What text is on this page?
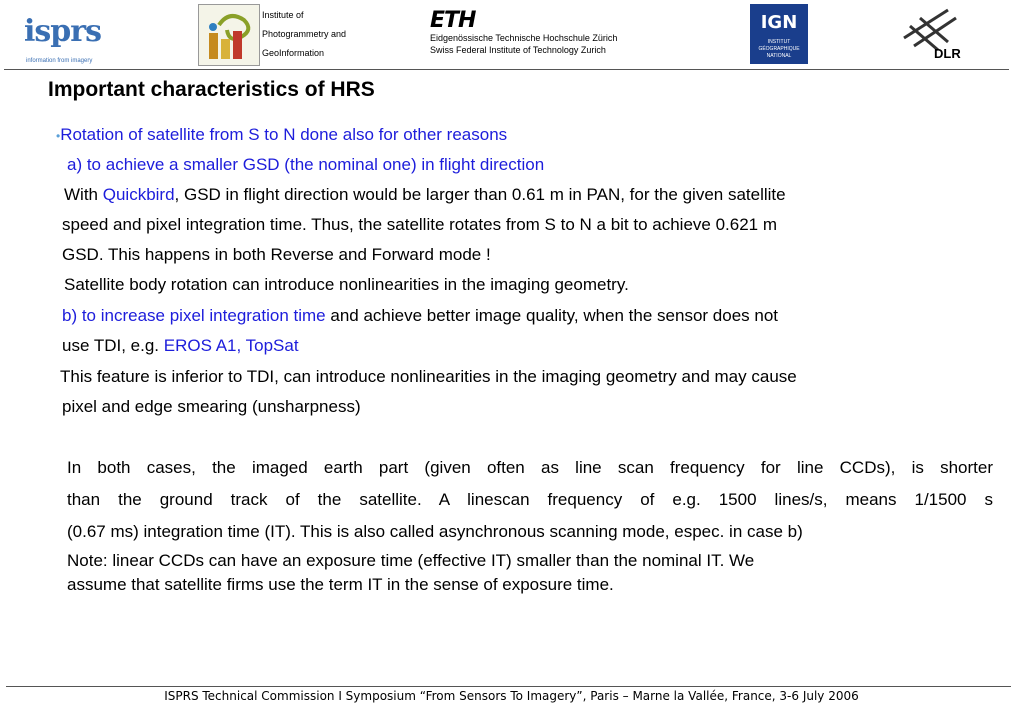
isprs
information from imagery
Institute of
Photogrammetry and
GeoInformation
ETH
Eidgenössische Technische Hochschule Zürich
Swiss Federal Institute of Technology Zurich
IGN
INSTITUT GÉOGRAPHIQUE NATIONAL	DLR
Important characteristics of HRS
•Rotation of satellite from S to N done also for other reasons
a) to achieve a smaller GSD (the nominal one) in flight direction
With Quickbird, GSD in flight direction would be larger than 0.61 m in PAN, for the given satellite
speed and pixel integration time. Thus, the satellite rotates from S to N a bit to achieve 0.621 m
GSD. This happens in both Reverse and Forward mode !
Satellite body rotation can introduce nonlinearities in the imaging geometry.
b) to increase pixel integration time and achieve better image quality, when the sensor does not
use TDI, e.g. EROS A1, TopSat
This feature is inferior to TDI, can introduce nonlinearities in the imaging geometry and may cause
pixel and edge smearing (unsharpness)

In both cases, the imaged earth part (given often as line scan frequency for line CCDs), is shorter

than the ground track of the satellite. A linescan frequency of e.g. 1500 lines/s, means 1/1500 s

(0.67 ms) integration time (IT). This is also called asynchronous scanning mode, espec. in case b)

Note: linear CCDs can have an exposure time (effective IT) smaller than the nominal IT. We
assume that satellite firms use the term IT in the sense of exposure time.
ISPRS Technical Commission I Symposium “From Sensors To Imagery”, Paris – Marne la Vallée, France, 3-6 July 2006
